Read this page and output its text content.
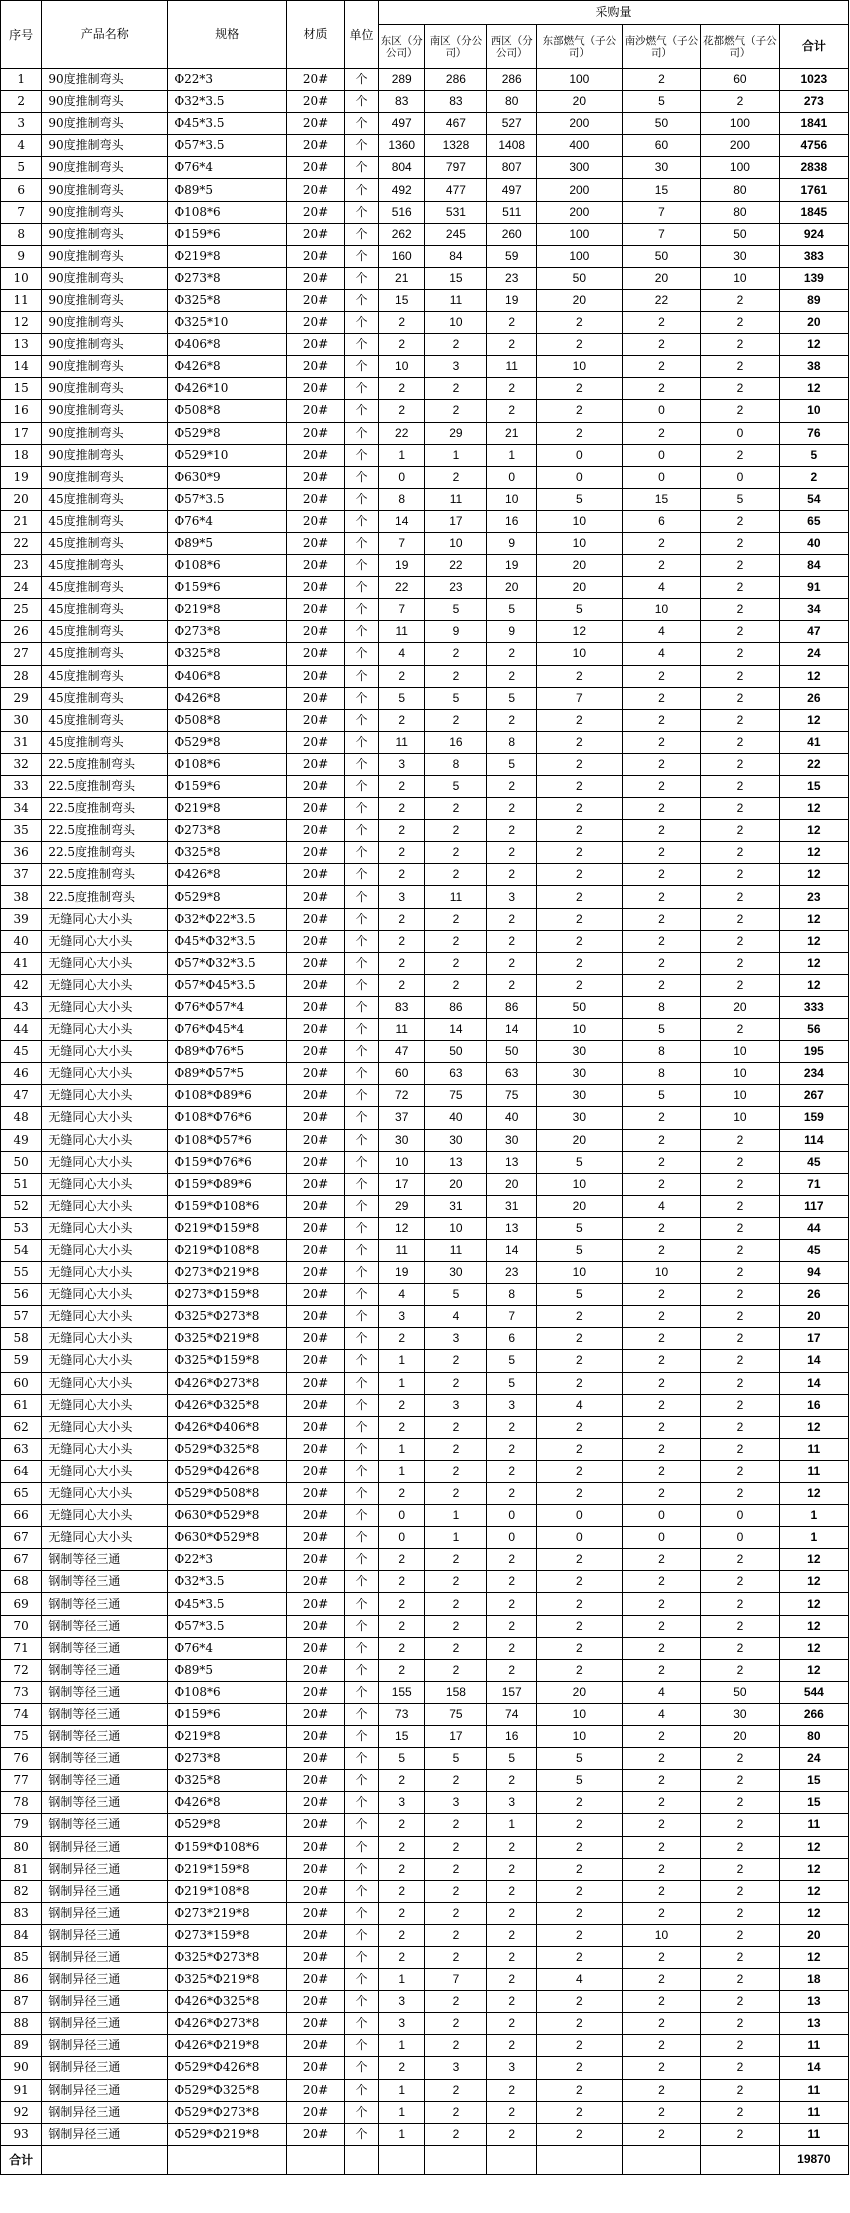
序号	产品名称	规格	材质	单位	采购量						
					东区（分公司）	南区（分公司）	西区（分公司）	东部燃气（子公司）	南沙燃气（子公司）	花都燃气（子公司）	合计
1	90度推制弯头	Φ22*3	20#	个	289	286	286	100	2	60	1023
2	90度推制弯头	Φ32*3.5	20#	个	83	83	80	20	5	2	273
3	90度推制弯头	Φ45*3.5	20#	个	497	467	527	200	50	100	1841
4	90度推制弯头	Φ57*3.5	20#	个	1360	1328	1408	400	60	200	4756
5	90度推制弯头	Φ76*4	20#	个	804	797	807	300	30	100	2838
6	90度推制弯头	Φ89*5	20#	个	492	477	497	200	15	80	1761
7	90度推制弯头	Φ108*6	20#	个	516	531	511	200	7	80	1845
8	90度推制弯头	Φ159*6	20#	个	262	245	260	100	7	50	924
9	90度推制弯头	Φ219*8	20#	个	160	84	59	100	50	30	383
10	90度推制弯头	Φ273*8	20#	个	21	15	23	50	20	10	139
11	90度推制弯头	Φ325*8	20#	个	15	11	19	20	22	2	89
12	90度推制弯头	Φ325*10	20#	个	2	10	2	2	2	2	20
13	90度推制弯头	Φ406*8	20#	个	2	2	2	2	2	2	12
14	90度推制弯头	Φ426*8	20#	个	10	3	11	10	2	2	38
15	90度推制弯头	Φ426*10	20#	个	2	2	2	2	2	2	12
16	90度推制弯头	Φ508*8	20#	个	2	2	2	2	0	2	10
17	90度推制弯头	Φ529*8	20#	个	22	29	21	2	2	0	76
18	90度推制弯头	Φ529*10	20#	个	1	1	1	0	0	2	5
19	90度推制弯头	Φ630*9	20#	个	0	2	0	0	0	0	2
20	45度推制弯头	Φ57*3.5	20#	个	8	11	10	5	15	5	54
21	45度推制弯头	Φ76*4	20#	个	14	17	16	10	6	2	65
22	45度推制弯头	Φ89*5	20#	个	7	10	9	10	2	2	40
23	45度推制弯头	Φ108*6	20#	个	19	22	19	20	2	2	84
24	45度推制弯头	Φ159*6	20#	个	22	23	20	20	4	2	91
25	45度推制弯头	Φ219*8	20#	个	7	5	5	5	10	2	34
26	45度推制弯头	Φ273*8	20#	个	11	9	9	12	4	2	47
27	45度推制弯头	Φ325*8	20#	个	4	2	2	10	4	2	24
28	45度推制弯头	Φ406*8	20#	个	2	2	2	2	2	2	12
29	45度推制弯头	Φ426*8	20#	个	5	5	5	7	2	2	26
30	45度推制弯头	Φ508*8	20#	个	2	2	2	2	2	2	12
31	45度推制弯头	Φ529*8	20#	个	11	16	8	2	2	2	41
32	22.5度推制弯头	Φ108*6	20#	个	3	8	5	2	2	2	22
33	22.5度推制弯头	Φ159*6	20#	个	2	5	2	2	2	2	15
34	22.5度推制弯头	Φ219*8	20#	个	2	2	2	2	2	2	12
35	22.5度推制弯头	Φ273*8	20#	个	2	2	2	2	2	2	12
36	22.5度推制弯头	Φ325*8	20#	个	2	2	2	2	2	2	12
37	22.5度推制弯头	Φ426*8	20#	个	2	2	2	2	2	2	12
38	22.5度推制弯头	Φ529*8	20#	个	3	11	3	2	2	2	23
39	无缝同心大小头	Φ32*Φ22*3.5	20#	个	2	2	2	2	2	2	12
40	无缝同心大小头	Φ45*Φ32*3.5	20#	个	2	2	2	2	2	2	12
41	无缝同心大小头	Φ57*Φ32*3.5	20#	个	2	2	2	2	2	2	12
42	无缝同心大小头	Φ57*Φ45*3.5	20#	个	2	2	2	2	2	2	12
43	无缝同心大小头	Φ76*Φ57*4	20#	个	83	86	86	50	8	20	333
44	无缝同心大小头	Φ76*Φ45*4	20#	个	11	14	14	10	5	2	56
45	无缝同心大小头	Φ89*Φ76*5	20#	个	47	50	50	30	8	10	195
46	无缝同心大小头	Φ89*Φ57*5	20#	个	60	63	63	30	8	10	234
47	无缝同心大小头	Φ108*Φ89*6	20#	个	72	75	75	30	5	10	267
48	无缝同心大小头	Φ108*Φ76*6	20#	个	37	40	40	30	2	10	159
49	无缝同心大小头	Φ108*Φ57*6	20#	个	30	30	30	20	2	2	114
50	无缝同心大小头	Φ159*Φ76*6	20#	个	10	13	13	5	2	2	45
51	无缝同心大小头	Φ159*Φ89*6	20#	个	17	20	20	10	2	2	71
52	无缝同心大小头	Φ159*Φ108*6	20#	个	29	31	31	20	4	2	117
53	无缝同心大小头	Φ219*Φ159*8	20#	个	12	10	13	5	2	2	44
54	无缝同心大小头	Φ219*Φ108*8	20#	个	11	11	14	5	2	2	45
55	无缝同心大小头	Φ273*Φ219*8	20#	个	19	30	23	10	10	2	94
56	无缝同心大小头	Φ273*Φ159*8	20#	个	4	5	8	5	2	2	26
57	无缝同心大小头	Φ325*Φ273*8	20#	个	3	4	7	2	2	2	20
58	无缝同心大小头	Φ325*Φ219*8	20#	个	2	3	6	2	2	2	17
59	无缝同心大小头	Φ325*Φ159*8	20#	个	1	2	5	2	2	2	14
60	无缝同心大小头	Φ426*Φ273*8	20#	个	1	2	5	2	2	2	14
61	无缝同心大小头	Φ426*Φ325*8	20#	个	2	3	3	4	2	2	16
62	无缝同心大小头	Φ426*Φ406*8	20#	个	2	2	2	2	2	2	12
63	无缝同心大小头	Φ529*Φ325*8	20#	个	1	2	2	2	2	2	11
64	无缝同心大小头	Φ529*Φ426*8	20#	个	1	2	2	2	2	2	11
65	无缝同心大小头	Φ529*Φ508*8	20#	个	2	2	2	2	2	2	12
66	无缝同心大小头	Φ630*Φ529*8	20#	个	0	1	0	0	0	0	1
67	无缝同心大小头	Φ630*Φ529*8	20#	个	0	1	0	0	0	0	1
67	钢制等径三通	Φ22*3	20#	个	2	2	2	2	2	2	12
68	钢制等径三通	Φ32*3.5	20#	个	2	2	2	2	2	2	12
69	钢制等径三通	Φ45*3.5	20#	个	2	2	2	2	2	2	12
70	钢制等径三通	Φ57*3.5	20#	个	2	2	2	2	2	2	12
71	钢制等径三通	Φ76*4	20#	个	2	2	2	2	2	2	12
72	钢制等径三通	Φ89*5	20#	个	2	2	2	2	2	2	12
73	钢制等径三通	Φ108*6	20#	个	155	158	157	20	4	50	544
74	钢制等径三通	Φ159*6	20#	个	73	75	74	10	4	30	266
75	钢制等径三通	Φ219*8	20#	个	15	17	16	10	2	20	80
76	钢制等径三通	Φ273*8	20#	个	5	5	5	5	2	2	24
77	钢制等径三通	Φ325*8	20#	个	2	2	2	5	2	2	15
78	钢制等径三通	Φ426*8	20#	个	3	3	3	2	2	2	15
79	钢制等径三通	Φ529*8	20#	个	2	2	1	2	2	2	11
80	钢制异径三通	Φ159*Φ108*6	20#	个	2	2	2	2	2	2	12
81	钢制异径三通	Φ219*159*8	20#	个	2	2	2	2	2	2	12
82	钢制异径三通	Φ219*108*8	20#	个	2	2	2	2	2	2	12
83	钢制异径三通	Φ273*219*8	20#	个	2	2	2	2	2	2	12
84	钢制异径三通	Φ273*159*8	20#	个	2	2	2	2	10	2	20
85	钢制异径三通	Φ325*Φ273*8	20#	个	2	2	2	2	2	2	12
86	钢制异径三通	Φ325*Φ219*8	20#	个	1	7	2	4	2	2	18
87	钢制异径三通	Φ426*Φ325*8	20#	个	3	2	2	2	2	2	13
88	钢制异径三通	Φ426*Φ273*8	20#	个	3	2	2	2	2	2	13
89	钢制异径三通	Φ426*Φ219*8	20#	个	1	2	2	2	2	2	11
90	钢制异径三通	Φ529*Φ426*8	20#	个	2	3	3	2	2	2	14
91	钢制异径三通	Φ529*Φ325*8	20#	个	1	2	2	2	2	2	11
92	钢制异径三通	Φ529*Φ273*8	20#	个	1	2	2	2	2	2	11
93	钢制异径三通	Φ529*Φ219*8	20#	个	1	2	2	2	2	2	11
合计											19870
